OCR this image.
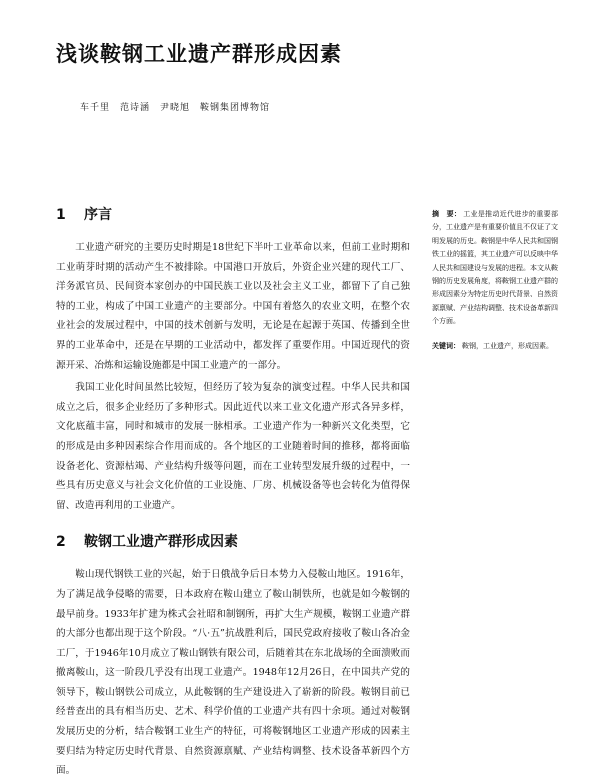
浅谈鞍钢工业遗产群形成因素
车千里　范诗涵　尹晓旭　鞍钢集团博物馆

摘　要： 工业是推动近代进步的重要部分，工业遗产是有重要价值且不仅证了文明发展的历史。鞍钢是中华人民共和国钢铁工业的摇篮，其工业遗产可以反映中华人民共和国建设与发展的进程。本文从鞍钢的历史发展角度，将鞍钢工业遗产群的形成因素分为特定历史时代背景、自然资源禀赋、产业结构调整、技术设备革新四个方面。

关键词： 鞍钢，工业遗产，形成因素。

1 序言

工业遗产研究的主要历史时期是18世纪下半叶工业革命以来，但前工业时期和工业萌芽时期的活动产生不被排除。中国港口开放后，外资企业兴建的现代工厂、洋务派官员、民间资本家创办的中国民族工业以及社会主义工业，都留下了自己独特的工业，构成了中国工业遗产的主要部分。中国有着悠久的农业文明，在整个农业社会的发展过程中，中国的技术创新与发明，无论是在起源于英国、传播到全世界的工业革命中，还是在早期的工业活动中，都发挥了重要作用。中国近现代的资源开采、冶炼和运输设施都是中国工业遗产的一部分。

我国工业化时间虽然比较短，但经历了较为复杂的演变过程。中华人民共和国成立之后，很多企业经历了多种形式。因此近代以来工业文化遗产形式各异多样，文化底蕴丰富，同时和城市的发展一脉相承。工业遗产作为一种新兴文化类型，它的形成是由多种因素综合作用而成的。各个地区的工业随着时间的推移，都将面临设备老化、资源枯竭、产业结构升级等问题，而在工业转型发展升级的过程中，一些具有历史意义与社会文化价值的工业设施、厂房、机械设备等也会转化为值得保留、改造再利用的工业遗产。

2 鞍钢工业遗产群形成因素

鞍山现代钢铁工业的兴起，始于日俄战争后日本势力入侵鞍山地区。1916年，为了满足战争侵略的需要，日本政府在鞍山建立了鞍山制铁所，也就是如今鞍钢的最早前身。1933年扩建为株式会社昭和制钢所，再扩大生产规模，鞍钢工业遗产群的大部分也都出现于这个阶段。“八·五”抗战胜利后，国民党政府接收了鞍山各冶金工厂，于1946年10月成立了鞍山钢铁有限公司，后随着其在东北战场的全面溃败而撤离鞍山，这一阶段几乎没有出现工业遗产。1948年12月26日，在中国共产党的领导下，鞍山钢铁公司成立，从此鞍钢的生产建设进入了崭新的阶段。鞍钢目前已经普查出的具有相当历史、艺术、科学价值的工业遗产共有四十余项。通过对鞍钢发展历史的分析，结合鞍钢工业生产的特征，可将鞍钢地区工业遗产形成的因素主要归结为特定历史时代背景、自然资源禀赋、产业结构调整、技术设备革新四个方面。
